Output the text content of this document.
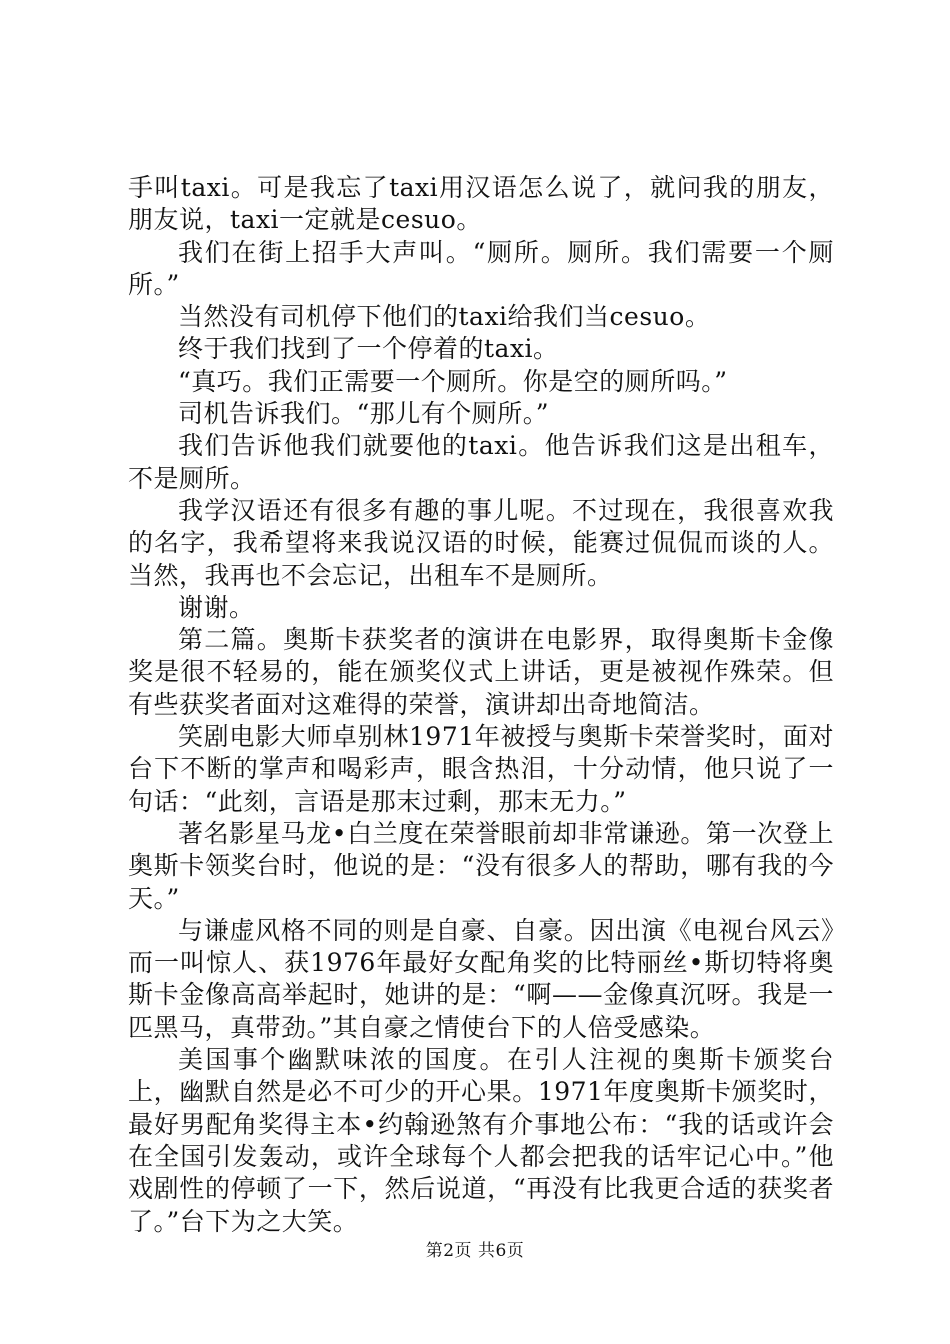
手叫taxi。可是我忘了taxi用汉语怎么说了，就问我的朋友，朋友说，taxi一定就是cesuo。

我们在街上招手大声叫。“厕所。厕所。我们需要一个厕所。”

当然没有司机停下他们的taxi给我们当cesuo。

终于我们找到了一个停着的taxi。

“真巧。我们正需要一个厕所。你是空的厕所吗。”

司机告诉我们。“那儿有个厕所。”

我们告诉他我们就要他的taxi。他告诉我们这是出租车，不是厕所。

我学汉语还有很多有趣的事儿呢。不过现在，我很喜欢我的名字，我希望将来我说汉语的时候，能赛过侃侃而谈的人。当然，我再也不会忘记，出租车不是厕所。

谢谢。

第二篇。奥斯卡获奖者的演讲在电影界，取得奥斯卡金像奖是很不轻易的，能在颁奖仪式上讲话，更是被视作殊荣。但有些获奖者面对这难得的荣誉，演讲却出奇地简洁。

笑剧电影大师卓别林1971年被授与奥斯卡荣誉奖时，面对台下不断的掌声和喝彩声，眼含热泪，十分动情，他只说了一句话：“此刻，言语是那末过剩，那末无力。”

著名影星马龙•白兰度在荣誉眼前却非常谦逊。第一次登上奥斯卡领奖台时，他说的是：“没有很多人的帮助，哪有我的今天。”

与谦虚风格不同的则是自豪、自豪。因出演《电视台风云》而一叫惊人、获1976年最好女配角奖的比特丽丝•斯切特将奥斯卡金像高高举起时，她讲的是：“啊——金像真沉呀。我是一匹黑马，真带劲。”其自豪之情使台下的人倍受感染。

美国事个幽默味浓的国度。在引人注视的奥斯卡颁奖台上，幽默自然是必不可少的开心果。1971年度奥斯卡颁奖时，最好男配角奖得主本•约翰逊煞有介事地公布：“我的话或许会在全国引发轰动，或许全球每个人都会把我的话牢记心中。”他戏剧性的停顿了一下，然后说道，“再没有比我更合适的获奖者了。”台下为之大笑。

第2页 共6页
